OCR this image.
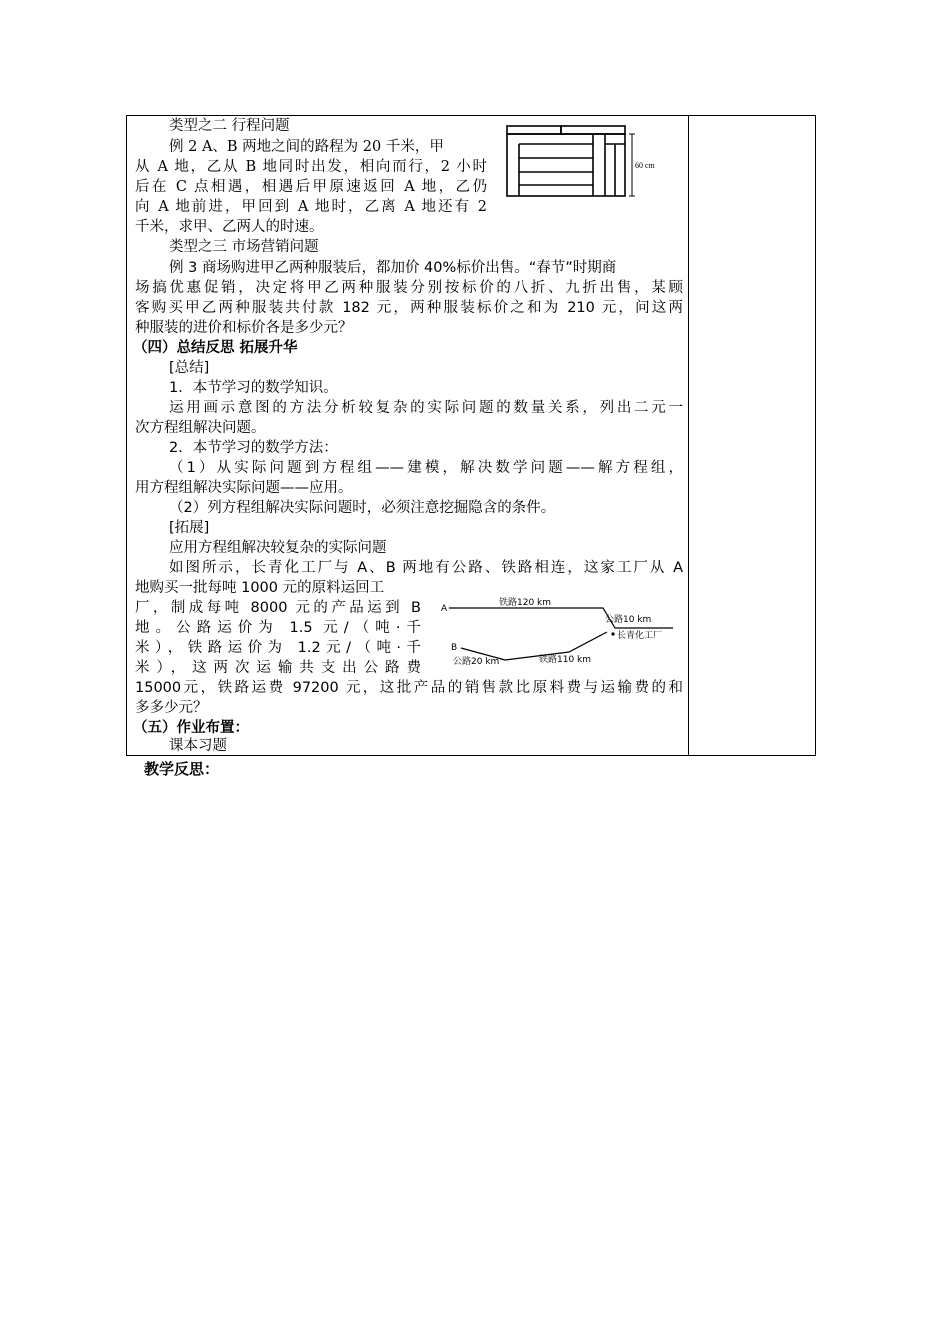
类型之二 行程问题
例 2 A、B 两地之间的路程为 20 千米，甲
从 A 地，乙从 B 地同时出发，相向而行，2 小时
后在 C 点相遇，相遇后甲原速返回 A 地，乙仍
向 A 地前进，甲回到 A 地时，乙离 A 地还有 2
千米，求甲、乙两人的时速。
60 cm
类型之三 市场营销问题
例 3 商场购进甲乙两种服装后，都加价 40%标价出售。“春节”时期商
场搞优惠促销，决定将甲乙两种服装分别按标价的八折、九折出售，某顾
客购买甲乙两种服装共付款 182 元，两种服装标价之和为 210 元，问这两
种服装的进价和标价各是多少元？
（四）总结反思 拓展升华
[总结]
1．本节学习的数学知识。
运用画示意图的方法分析较复杂的实际问题的数量关系，列出二元一
次方程组解决问题。
2．本节学习的数学方法：
（1）从实际问题到方程组——建模，解决数学问题——解方程组，
用方程组解决实际问题——应用。
（2）列方程组解决实际问题时，必须注意挖掘隐含的条件。
[拓展]
应用方程组解决较复杂的实际问题
如图所示，长青化工厂与 A、B 两地有公路、铁路相连，这家工厂从 A
地购买一批每吨 1000 元的原料运回工
厂，制成每吨 8000 元的产品运到 B
地。公路运价为 1.5 元/（吨·千
米），铁路运价为 1.2元/（吨·千
米），这两次运输共支出公路费
15000元，铁路运费 97200 元，这批产品的销售款比原料费与运输费的和
多多少元？
A
B
铁路120 km
公路10 km
长青化工厂
公路20 km	铁路110 km
（五）作业布置：
课本习题
教学反思：
